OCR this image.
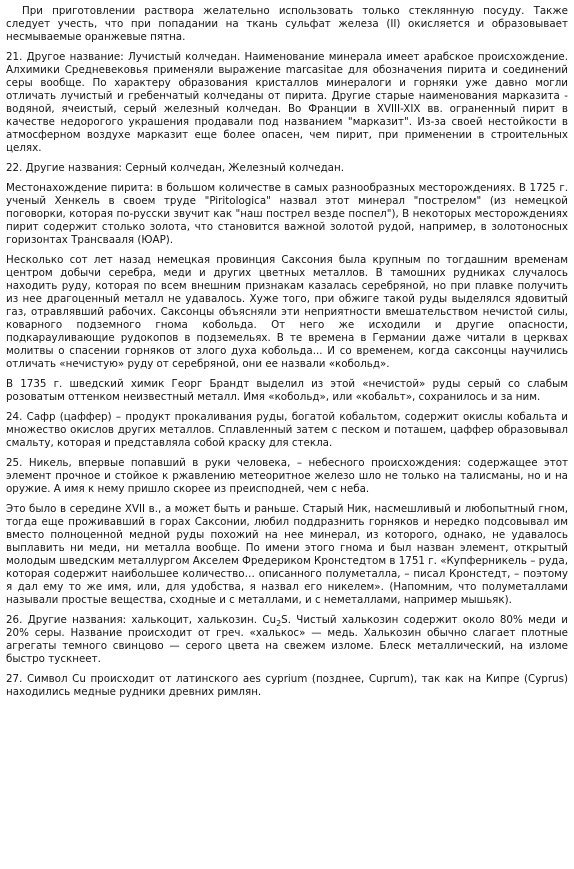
При приготовлении раствора желательно использовать только стеклянную посуду. Также следует учесть, что при попадании на ткань сульфат железа (II) окисляется и образовывает несмываемые оранжевые пятна.

21. Другое название: Лучистый колчедан. Наименование минерала имеет арабское происхождение. Алхимики Средневековья применяли выражение marcasitae для обозначения пирита и соединений серы вообще. По характеру образования кристаллов минералоги и горняки уже давно могли отличать лучистый и гребенчатый колчеданы от пирита. Другие старые наименования марказита - водяной, ячеистый, серый железный колчедан. Во Франции в XVIII-XIX вв. ограненный пирит в качестве недорогого украшения продавали под названием "марказит". Из-за своей нестойкости в атмосферном воздухе марказит еще более опасен, чем пирит, при применении в строительных целях.

22. Другие названия: Серный колчедан, Железный колчедан.

Местонахождение пирита: в большом количестве в самых разнообразных месторождениях. В 1725 г. ученый Хенкель в своем труде "Piritologica" назвал этот минерал "пострелом" (из немецкой поговорки, которая по-русски звучит как "наш пострел везде поспел"), В некоторых месторождениях пирит содержит столько золота, что становится важной золотой рудой, например, в золотоносных горизонтах Трансвааля (ЮАР).

Несколько сот лет назад немецкая провинция Саксония была крупным по тогдашним временам центром добычи серебра, меди и других цветных металлов. В тамошних рудниках случалось находить руду, которая по всем внешним признакам казалась серебряной, но при плавке получить из нее драгоценный металл не удавалось. Хуже того, при обжиге такой руды выделялся ядовитый газ, отравлявший рабочих. Саксонцы объясняли эти неприятности вмешательством нечистой силы, коварного подземного гнома кобольда. От него же исходили и другие опасности, подкарауливающие рудокопов в подземельях. В те времена в Германии даже читали в церквах молитвы о спасении горняков от злого духа кобольда... И со временем, когда саксонцы научились отличать «нечистую» руду от серебряной, они ее назвали «кобольд».

В 1735 г. шведский химик Георг Брандт выделил из этой «нечистой» руды серый со слабым розоватым оттенком неизвестный металл. Имя «кобольд», или «кобальт», сохранилось и за ним.

24. Сафр (цаффер) – продукт прокаливания руды, богатой кобальтом, содержит окислы кобальта и множество окислов других металлов. Сплавленный затем с песком и поташем, цаффер образовывал смальту, которая и представляла собой краску для стекла.

25. Никель, впервые попавший в руки человека, – небесного происхождения: содержащее этот элемент прочное и стойкое к ржавлению метеоритное железо шло не только на талисманы, но и на оружие. А имя к нему пришло скорее из преисподней, чем с неба.

Это было в середине XVII в., а может быть и раньше. Старый Ник, насмешливый и любопытный гном, тогда еще проживавший в горах Саксонии, любил поддразнить горняков и нередко подсовывал им вместо полноценной медной руды похожий на нее минерал, из которого, однако, не удавалось выплавить ни меди, ни металла вообще. По имени этого гнома и был назван элемент, открытый молодым шведским металлургом Акселем Фредериком Кронстедтом в 1751 г. «Купферникель – руда, которая содержит наибольшее количество… описанного полуметалла, – писал Кронстедт, – поэтому я дал ему то же имя, или, для удобства, я назвал его никелем». (Напомним, что полуметаллами называли простые вещества, сходные и с металлами, и с неметаллами, например мышьяк).

26. Другие названия: халькоцит, халькозин. $Cu_2S$. Чистый халькозин содержит около 80% меди и 20% серы. Название происходит от греч. «халькос» — медь. Халькозин обычно слагает плотные агрегаты темного свинцово — серого цвета на свежем изломе. Блеск металлический, на изломе быстро тускнеет.

27. Символ Cu происходит от латинского aes cyprium (позднее, Cuprum), так как на Кипре (Cyprus) находились медные рудники древних римлян.
